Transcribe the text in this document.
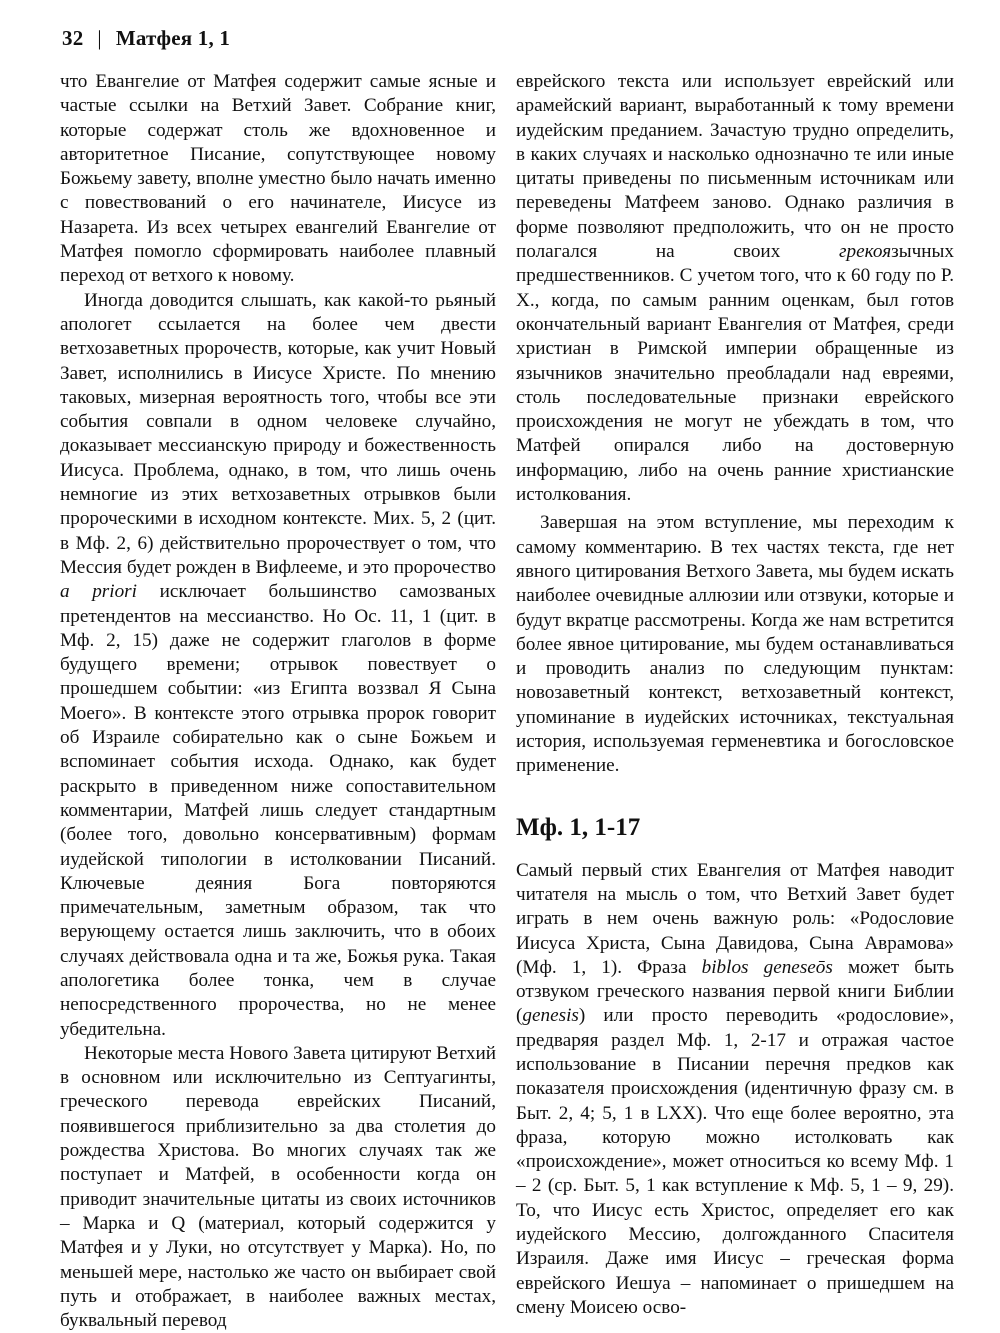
32 | Матфея 1, 1

что Евангелие от Матфея содержит самые ясные и частые ссылки на Ветхий Завет. Собрание книг, которые содержат столь же вдохновенное и авторитетное Писание, сопутствующее новому Божьему завету, вполне уместно было начать именно с повествований о его начинателе, Иисусе из Назарета. Из всех четырех евангелий Евангелие от Матфея помогло сформировать наиболее плавный переход от ветхого к новому.

Иногда доводится слышать, как какой-то рьяный апологет ссылается на более чем двести ветхозаветных пророчеств, которые, как учит Новый Завет, исполнились в Иисусе Христе. По мнению таковых, мизерная вероятность того, чтобы все эти события совпали в одном человеке случайно, доказывает мессианскую природу и божественность Иисуса. Проблема, однако, в том, что лишь очень немногие из этих ветхозаветных отрывков были пророческими в исходном контексте. Мих. 5, 2 (цит. в Мф. 2, 6) действительно пророчествует о том, что Мессия будет рожден в Вифлееме, и это пророчество a priori исключает большинство самозваных претендентов на мессианство. Но Ос. 11, 1 (цит. в Мф. 2, 15) даже не содержит глаголов в форме будущего времени; отрывок повествует о прошедшем событии: «из Египта воззвал Я Сына Моего». В контексте этого отрывка пророк говорит об Израиле собирательно как о сыне Божьем и вспоминает события исхода. Однако, как будет раскрыто в приведенном ниже сопоставительном комментарии, Матфей лишь следует стандартным (более того, довольно консервативным) формам иудейской типологии в истолковании Писаний. Ключевые деяния Бога повторяются примечательным, заметным образом, так что верующему остается лишь заключить, что в обоих случаях действовала одна и та же, Божья рука. Такая апологетика более тонка, чем в случае непосредственного пророчества, но не менее убедительна.

Некоторые места Нового Завета цитируют Ветхий в основном или исключительно из Септуагинты, греческого перевода еврейских Писаний, появившегося приблизительно за два столетия до рождества Христова. Во многих случаях так же поступает и Матфей, в особенности когда он приводит значительные цитаты из своих источников – Марка и Q (материал, который содержится у Матфея и у Луки, но отсутствует у Марка). Но, по меньшей мере, настолько же часто он выбирает свой путь и отображает, в наиболее важных местах, буквальный перевод

еврейского текста или использует еврейский или арамейский вариант, выработанный к тому времени иудейским преданием. Зачастую трудно определить, в каких случаях и насколько однозначно те или иные цитаты приведены по письменным источникам или переведены Матфеем заново. Однако различия в форме позволяют предположить, что он не просто полагался на своих грекоязычных предшественников. С учетом того, что к 60 году по Р. Х., когда, по самым ранним оценкам, был готов окончательный вариант Евангелия от Матфея, среди христиан в Римской империи обращенные из язычников значительно преобладали над евреями, столь последовательные признаки еврейского происхождения не могут не убеждать в том, что Матфей опирался либо на достоверную информацию, либо на очень ранние христианские истолкования.

Завершая на этом вступление, мы переходим к самому комментарию. В тех частях текста, где нет явного цитирования Ветхого Завета, мы будем искать наиболее очевидные аллюзии или отзвуки, которые и будут вкратце рассмотрены. Когда же нам встретится более явное цитирование, мы будем останавливаться и проводить анализ по следующим пунктам: новозаветный контекст, ветхозаветный контекст, упоминание в иудейских источниках, текстуальная история, используемая герменевтика и богословское применение.

Мф. 1, 1-17

Самый первый стих Евангелия от Матфея наводит читателя на мысль о том, что Ветхий Завет будет играть в нем очень важную роль: «Родословие Иисуса Христа, Сына Давидова, Сына Аврамова» (Мф. 1, 1). Фраза biblos geneseōs может быть отзвуком греческого названия первой книги Библии (genesis) или просто переводить «родословие», предваряя раздел Мф. 1, 2-17 и отражая частое использование в Писании перечня предков как показателя происхождения (идентичную фразу см. в Быт. 2, 4; 5, 1 в LXX). Что еще более вероятно, эта фраза, которую можно истолковать как «происхождение», может относиться ко всему Мф. 1 – 2 (ср. Быт. 5, 1 как вступление к Мф. 5, 1 – 9, 29). То, что Иисус есть Христос, определяет его как иудейского Мессию, долгожданного Спасителя Израиля. Даже имя Иисус – греческая форма еврейского Иешуа – напоминает о пришедшем на смену Моисею осво-
